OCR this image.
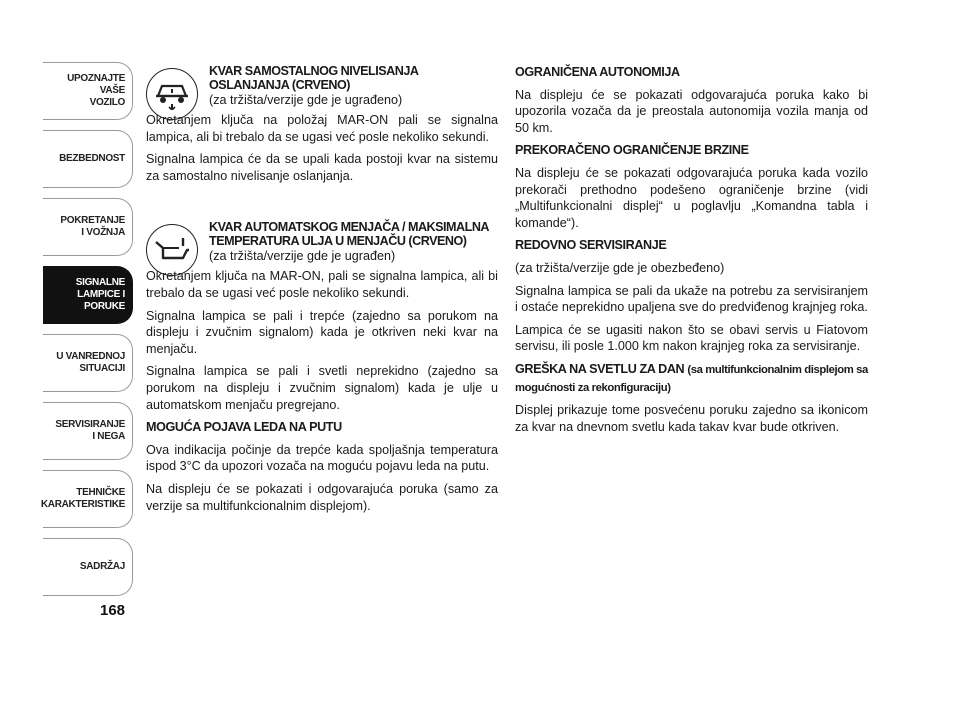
UPOZNAJTE
VAŠE
VOZILO
BEZBEDNOST
POKRETANJE
I VOŽNJA
SIGNALNE
LAMPICE I PORUKE
U VANREDNOJ
SITUACIJI
SERVISIRANJE
I NEGA
TEHNIČKE
KARAKTERISTIKE
SADRŽAJ
168
KVAR SAMOSTALNOG NIVELISANJA OSLANJANJA (CRVENO)
(za tržišta/verzije gde je ugrađeno)

Okretanjem ključa na položaj MAR-ON pali se signalna lampica, ali bi trebalo da se ugasi već posle nekoliko sekundi.

Signalna lampica će da se upali kada postoji kvar na sistemu za samostalno nivelisanje oslanjanja.

KVAR AUTOMATSKOG MENJAČA / MAKSIMALNA TEMPERATURA ULJA U MENJAČU (CRVENO)
(za tržišta/verzije gde je ugrađen)

Okretanjem ključa na MAR-ON, pali se signalna lampica, ali bi trebalo da se ugasi već posle nekoliko sekundi.

Signalna lampica se pali i trepće (zajedno sa porukom na displeju i zvučnim signalom) kada je otkriven neki kvar na menjaču.

Signalna lampica se pali i svetli neprekidno (zajedno sa porukom na displeju i zvučnim signalom) kada je ulje u automatskom menjaču pregrejano.

MOGUĆA POJAVA LEDA NA PUTU

Ova indikacija počinje da trepće kada spoljašnja temperatura ispod 3°C da upozori vozača na moguću pojavu leda na putu.

Na displeju će se pokazati i odgovarajuća poruka (samo za verzije sa multifunkcionalnim displejom).

OGRANIČENA AUTONOMIJA

Na displeju će se pokazati odgovarajuća poruka kako bi upozorila vozača da je preostala autonomija vozila manja od 50 km.

PREKORAČENO OGRANIČENJE BRZINE

Na displeju će se pokazati odgovarajuća poruka kada vozilo prekorači prethodno podešeno ograničenje brzine (vidi „Multifunkcionalni displej“ u poglavlju „Komandna tabla i komande“).

REDOVNO SERVISIRANJE

(za tržišta/verzije gde je obezbeđeno)

Signalna lampica se pali da ukaže na potrebu za servisiranjem i ostaće neprekidno upaljena sve do predviđenog krajnjeg roka.

Lampica će se ugasiti nakon što se obavi servis u Fiatovom servisu, ili posle 1.000 km nakon krajnjeg roka za servisiranje.

GREŠKA NA SVETLU ZA DAN (sa multifunkcionalnim displejom sa mogućnosti za rekonfiguraciju)

Displej prikazuje tome posvećenu poruku zajedno sa ikonicom za kvar na dnevnom svetlu kada takav kvar bude otkriven.
